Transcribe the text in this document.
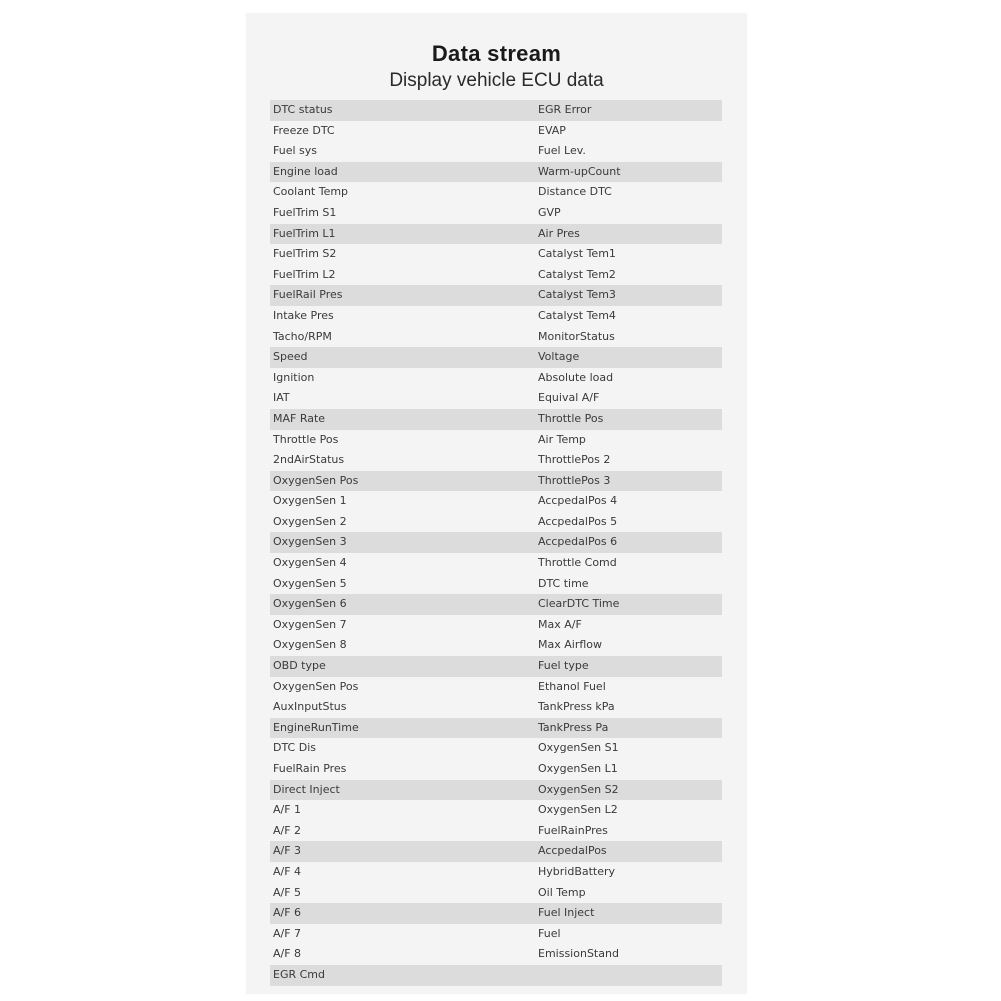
Data stream
Display vehicle ECU data
DTC status	EGR Error
Freeze DTC	EVAP
Fuel sys	Fuel Lev.
Engine load	Warm-upCount
Coolant Temp	Distance DTC
FuelTrim S1	GVP
FuelTrim L1	Air Pres
FuelTrim S2	Catalyst Tem1
FuelTrim L2	Catalyst Tem2
FuelRail Pres	Catalyst Tem3
Intake Pres	Catalyst Tem4
Tacho/RPM	MonitorStatus
Speed	Voltage
Ignition	Absolute load
IAT	Equival A/F
MAF Rate	Throttle Pos
Throttle Pos	Air Temp
2ndAirStatus	ThrottlePos 2
OxygenSen Pos	ThrottlePos 3
OxygenSen 1	AccpedalPos 4
OxygenSen 2	AccpedalPos 5
OxygenSen 3	AccpedalPos 6
OxygenSen 4	Throttle Comd
OxygenSen 5	DTC time
OxygenSen 6	ClearDTC Time
OxygenSen 7	Max A/F
OxygenSen 8	Max Airflow
OBD type	Fuel type
OxygenSen Pos	Ethanol Fuel
AuxInputStus	TankPress kPa
EngineRunTime	TankPress Pa
DTC Dis	OxygenSen S1
FuelRain Pres	OxygenSen L1
Direct Inject	OxygenSen S2
A/F 1	OxygenSen L2
A/F 2	FuelRainPres
A/F 3	AccpedalPos
A/F 4	HybridBattery
A/F 5	Oil Temp
A/F 6	Fuel Inject
A/F 7	Fuel
A/F 8	EmissionStand
EGR Cmd
